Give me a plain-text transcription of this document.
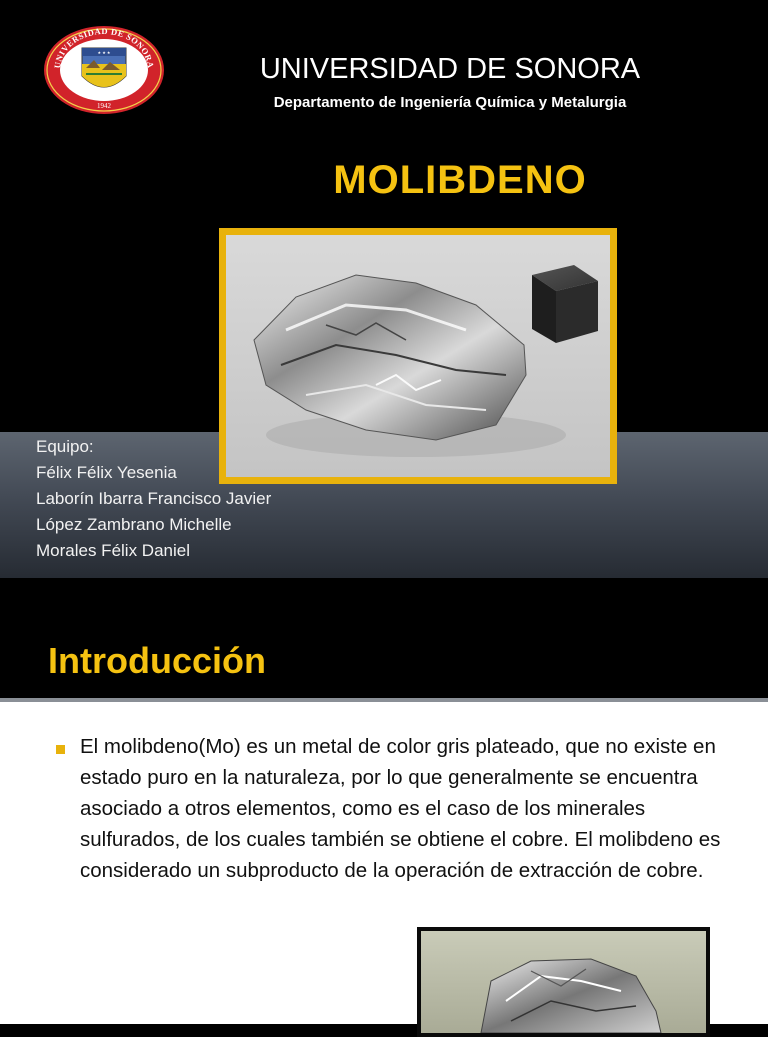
UNIVERSIDAD DE SONORA
1942
★ ★ ★
UNIVERSIDAD DE SONORA
Departamento de Ingeniería Química y Metalurgia
MOLIBDENO
Equipo:
Félix Félix Yesenia
Laborín Ibarra Francisco Javier
López Zambrano Michelle
Morales Félix Daniel
Introducción

El molibdeno(Mo) es un metal de color gris plateado, que no existe en estado puro en la naturaleza, por lo que generalmente se encuentra asociado a otros elementos, como es el caso de los minerales sulfurados, de los cuales también se obtiene el cobre. El molibdeno es considerado un subproducto de la operación de extracción de cobre.
